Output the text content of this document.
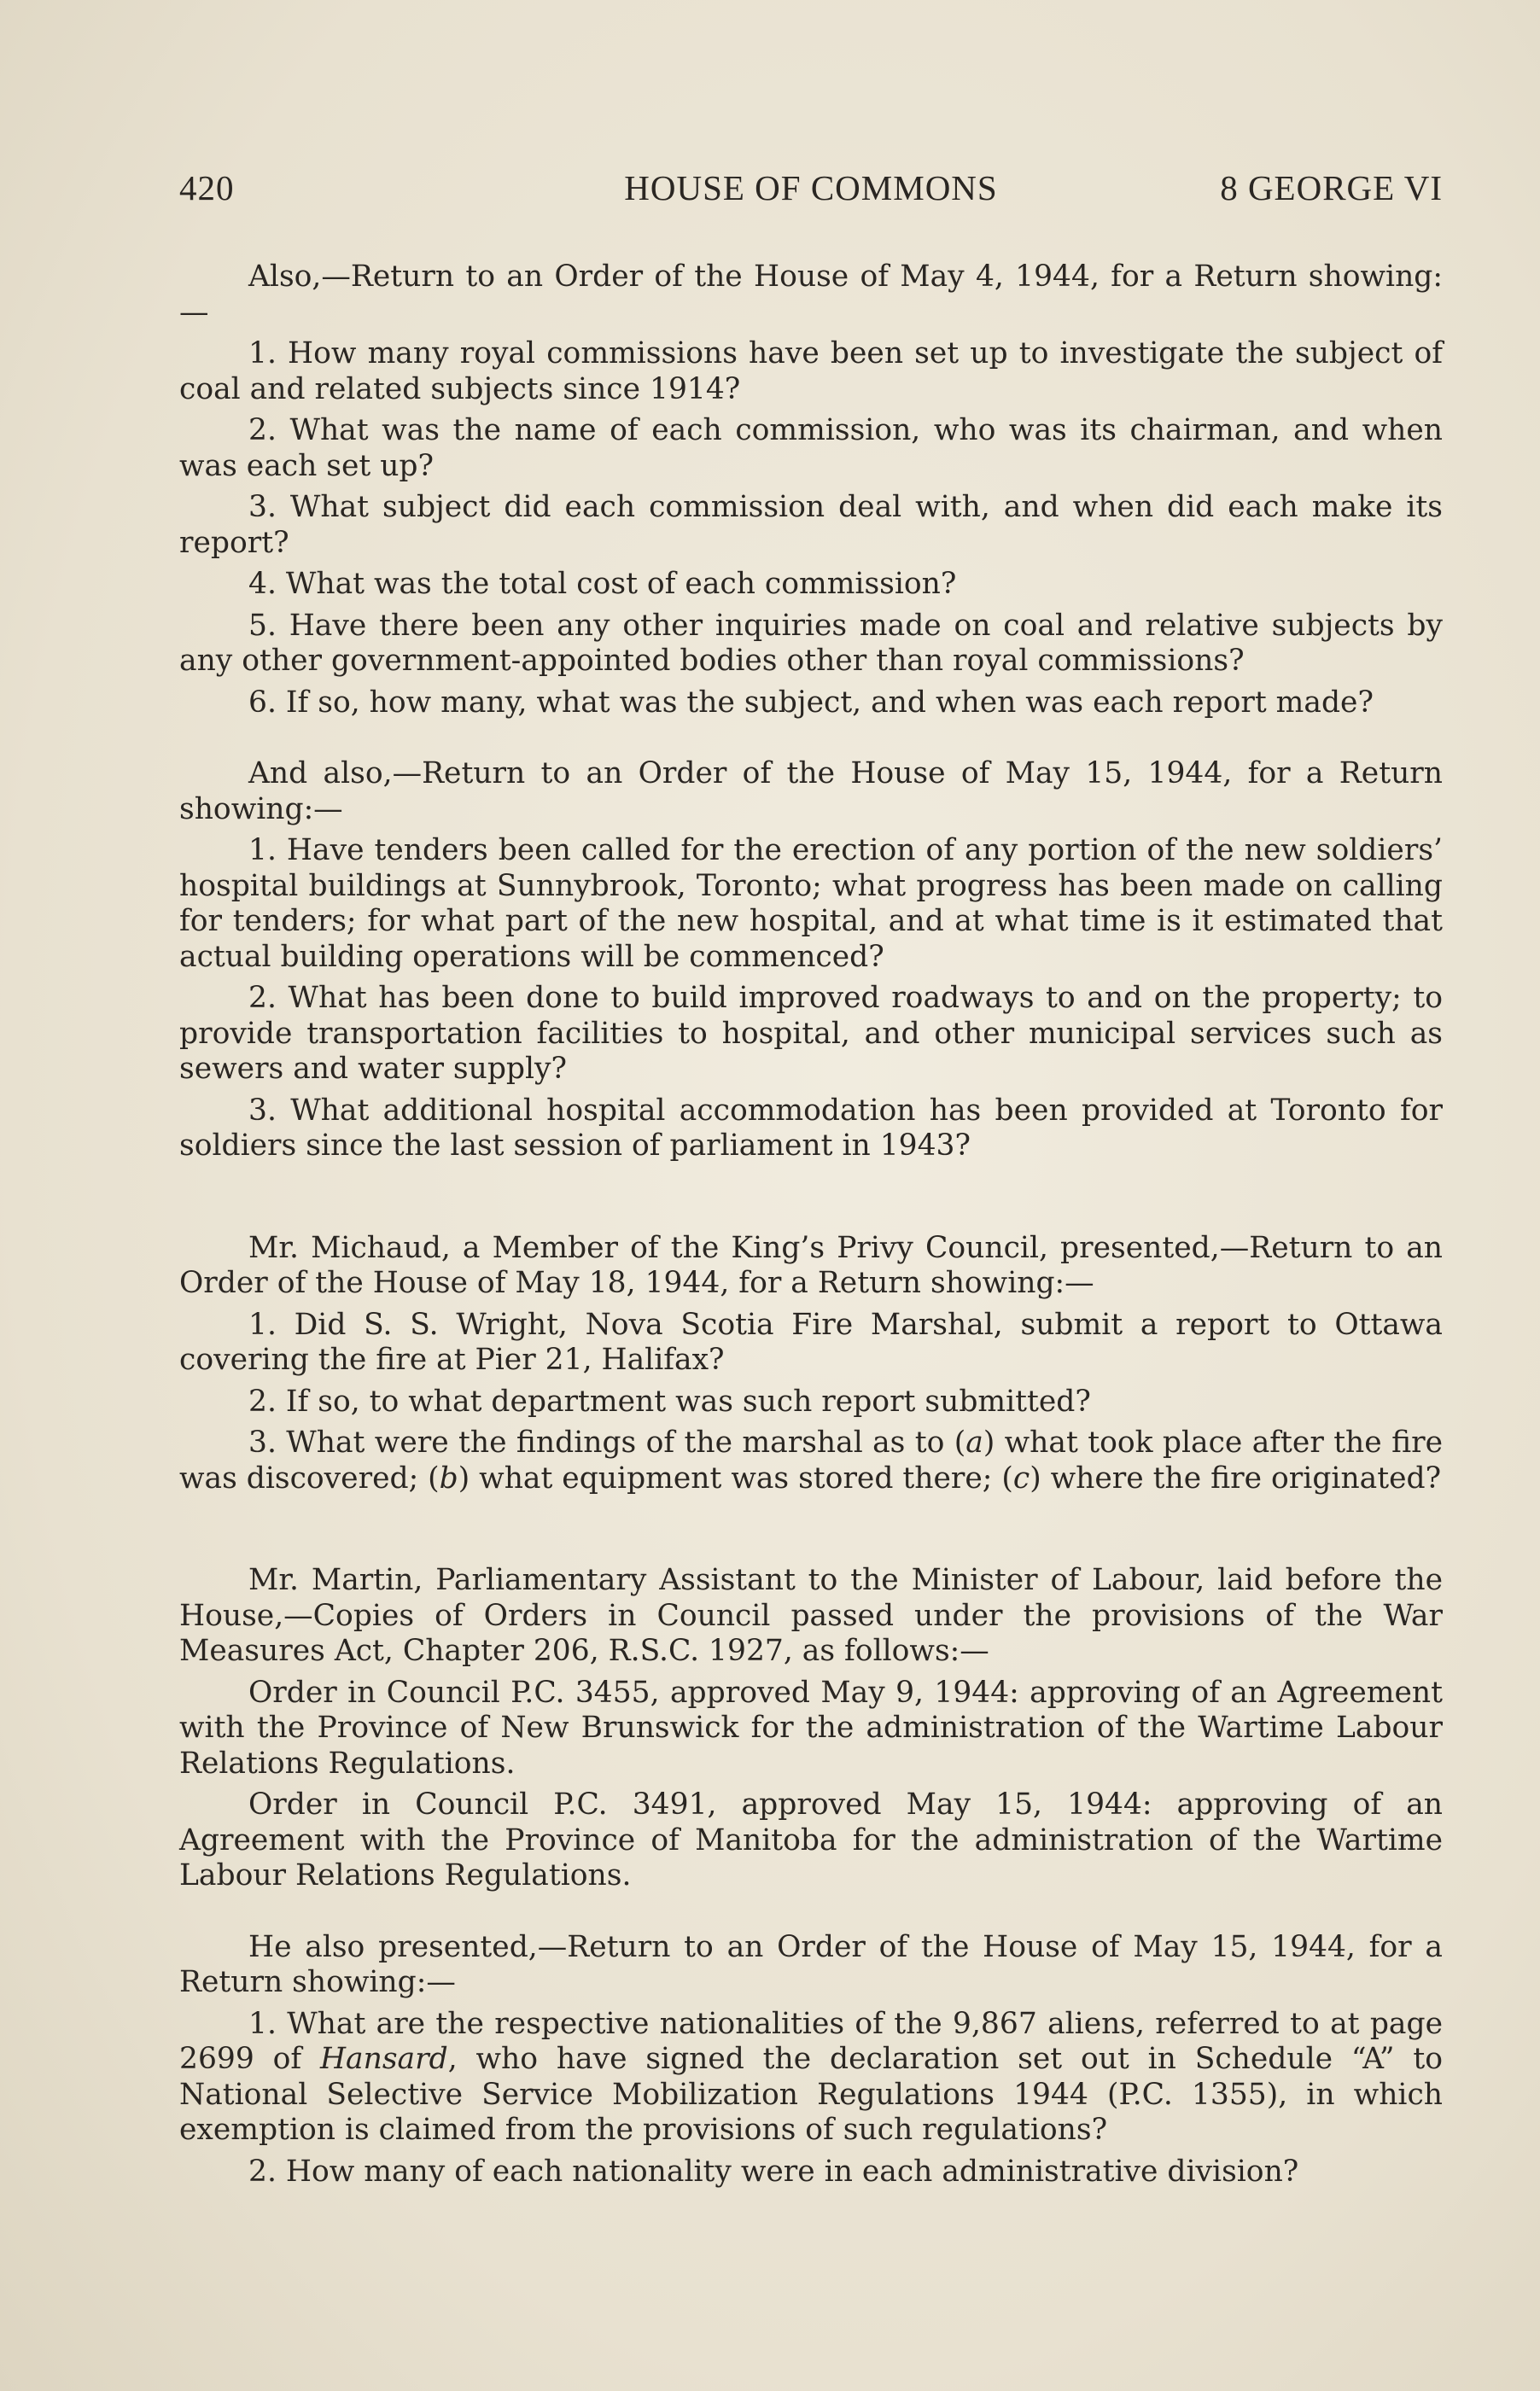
HOUSE OF COMMONS
420	8 GEORGE VI

Also,—Return to an Order of the House of May 4, 1944, for a Return showing:—

1. How many royal commissions have been set up to investigate the subject of coal and related subjects since 1914?

2. What was the name of each commission, who was its chairman, and when was each set up?

3. What subject did each commission deal with, and when did each make its report?

4. What was the total cost of each commission?

5. Have there been any other inquiries made on coal and relative subjects by any other government-appointed bodies other than royal commissions?

6. If so, how many, what was the subject, and when was each report made?

And also,—Return to an Order of the House of May 15, 1944, for a Return showing:—

1. Have tenders been called for the erection of any portion of the new soldiers’ hospital buildings at Sunnybrook, Toronto; what progress has been made on calling for tenders; for what part of the new hospital, and at what time is it estimated that actual building operations will be commenced?

2. What has been done to build improved roadways to and on the property; to provide transportation facilities to hospital, and other municipal services such as sewers and water supply?

3. What additional hospital accommodation has been provided at Toronto for soldiers since the last session of parliament in 1943?

Mr. Michaud, a Member of the King’s Privy Council, presented,—Return to an Order of the House of May 18, 1944, for a Return showing:—

1. Did S. S. Wright, Nova Scotia Fire Marshal, submit a report to Ottawa covering the fire at Pier 21, Halifax?

2. If so, to what department was such report submitted?

3. What were the findings of the marshal as to (a) what took place after the fire was discovered; (b) what equipment was stored there; (c) where the fire originated?

Mr. Martin, Parliamentary Assistant to the Minister of Labour, laid before the House,—Copies of Orders in Council passed under the provisions of the War Measures Act, Chapter 206, R.S.C. 1927, as follows:—

Order in Council P.C. 3455, approved May 9, 1944: approving of an Agreement with the Province of New Brunswick for the administration of the Wartime Labour Relations Regulations.

Order in Council P.C. 3491, approved May 15, 1944: approving of an Agreement with the Province of Manitoba for the administration of the Wartime Labour Relations Regulations.

He also presented,—Return to an Order of the House of May 15, 1944, for a Return showing:—

1. What are the respective nationalities of the 9,867 aliens, referred to at page 2699 of Hansard, who have signed the declaration set out in Schedule “A” to National Selective Service Mobilization Regulations 1944 (P.C. 1355), in which exemption is claimed from the provisions of such regulations?

2. How many of each nationality were in each administrative division?
